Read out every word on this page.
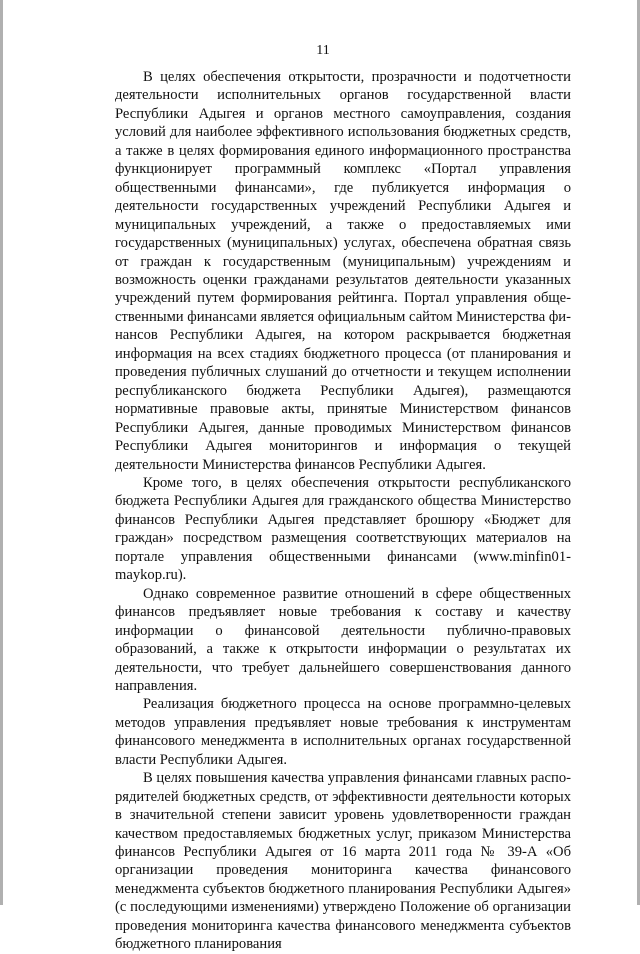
11

В целях обеспечения открытости, прозрачности и подотчетности деятельности исполнительных органов государственной власти Республики Адыгея и органов местного самоуправления, создания условий для наиболее эффективного использования бюджетных средств, а также в целях формирования единого информационного пространства функционирует программный комплекс «Портал управления общественными финансами», где публикуется информация о деятельности государственных учреждений Республики Адыгея и муниципальных учреждений, а также о предоставляемых ими государственных (муниципальных) услугах, обеспечена обратная связь от граждан к государственным (муниципальным) учреждениям и возможность оценки гражданами результатов деятельности указанных учреждений путем формирования рейтинга. Портал управления общественными финансами является официальным сайтом Министерства финансов Республики Адыгея, на котором раскрывается бюджетная информация на всех стадиях бюджетного процесса (от планирования и проведения публичных слушаний до отчетности и текущем исполнении республиканского бюджета Республики Адыгея), размещаются нормативные правовые акты, принятые Министерством финансов Республики Адыгея, данные проводимых Министерством финансов Республики Адыгея мониторингов и информация о текущей деятельности Министерства финансов Республики Адыгея.

Кроме того, в целях обеспечения открытости республиканского бюджета Республики Адыгея для гражданского общества Министерство финансов Республики Адыгея представляет брошюру «Бюджет для граждан» посредством размещения соответствующих материалов на портале управления общественными финансами (www.minfin01-maykop.ru).

Однако современное развитие отношений в сфере общественных финансов предъявляет новые требования к составу и качеству информации о финансовой деятельности публично-правовых образований, а также к открытости информации о результатах их деятельности, что требует дальнейшего совершенствования данного направления.

Реализация бюджетного процесса на основе программно-целевых методов управления предъявляет новые требования к инструментам финансового менеджмента в исполнительных органах государственной власти Республики Адыгея.

В целях повышения качества управления финансами главных распорядителей бюджетных средств, от эффективности деятельности которых в значительной степени зависит уровень удовлетворенности граждан качеством предоставляемых бюджетных услуг, приказом Министерства финансов Республики Адыгея от 16 марта 2011 года № 39-А «Об организации проведения мониторинга качества финансового менеджмента субъектов бюджетного планирования Республики Адыгея» (с последующими изменениями) утверждено Положение об организации проведения мониторинга качества финансового менеджмента субъектов бюджетного планирования
